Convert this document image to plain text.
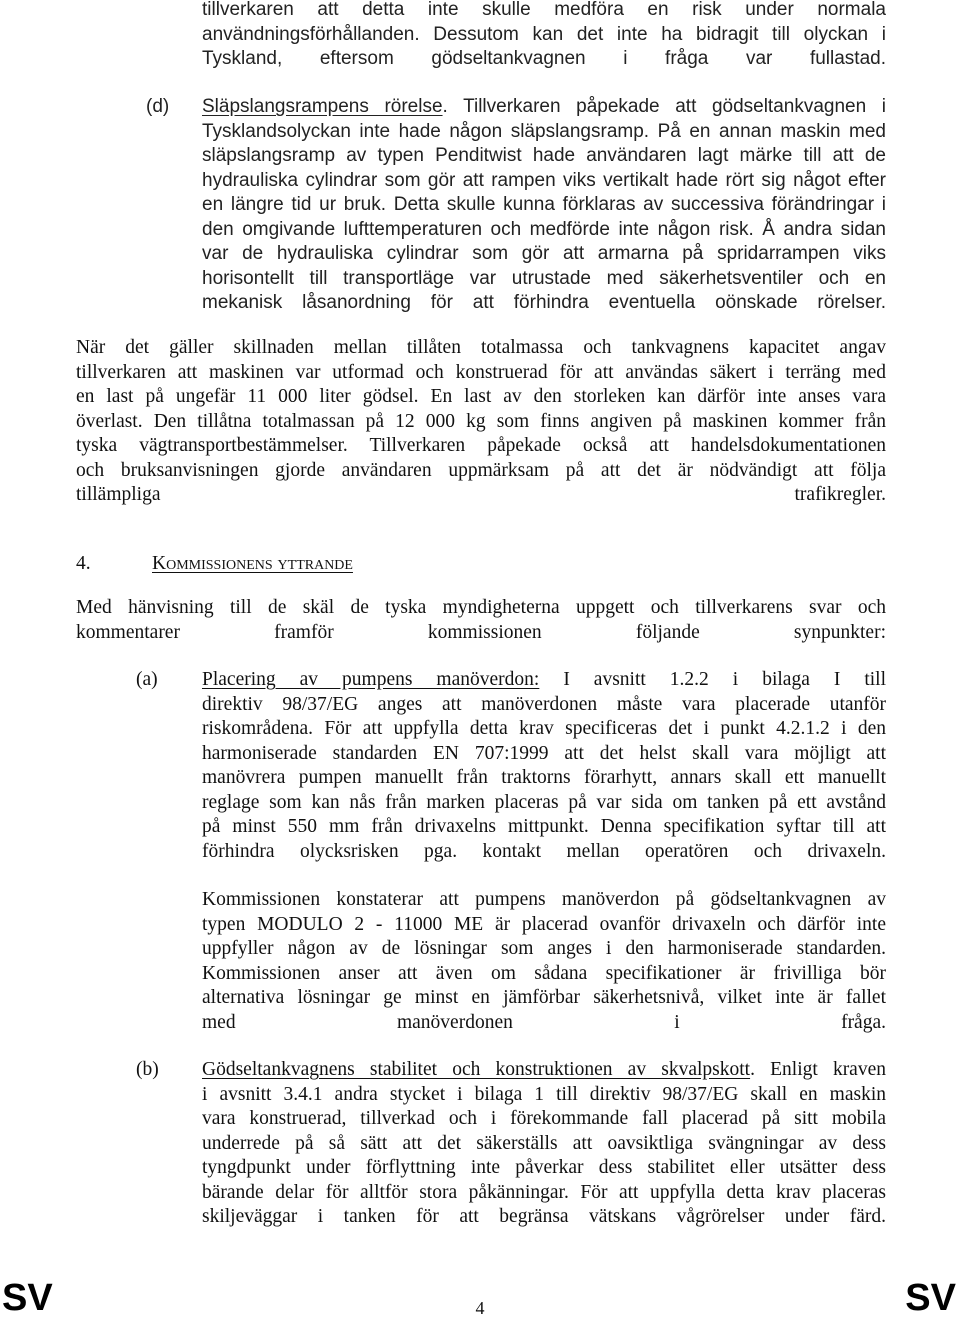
tillverkaren att detta inte skulle medföra en risk under normala
användningsförhållanden. Dessutom kan det inte ha bidragit till olyckan i
Tyskland, eftersom gödseltankvagnen i fråga var fullastad.
(d) Släpslangsrampens rörelse. Tillverkaren påpekade att gödseltankvagnen i
Tysklandsolyckan inte hade någon släpslangsramp. På en annan maskin med
släpslangsramp av typen Penditwist hade användaren lagt märke till att de
hydrauliska cylindrar som gör att rampen viks vertikalt hade rört sig något efter
en längre tid ur bruk. Detta skulle kunna förklaras av successiva förändringar i
den omgivande lufttemperaturen och medförde inte någon risk. Å andra sidan
var de hydrauliska cylindrar som gör att armarna på spridarrampen viks
horisontellt till transportläge var utrustade med säkerhetsventiler och en
mekanisk låsanordning för att förhindra eventuella oönskade rörelser.
När det gäller skillnaden mellan tillåten totalmassa och tankvagnens kapacitet angav
tillverkaren att maskinen var utformad och konstruerad för att användas säkert i terräng med
en last på ungefär 11 000 liter gödsel. En last av den storleken kan därför inte anses vara
överlast. Den tillåtna totalmassan på 12 000 kg som finns angiven på maskinen kommer från
tyska vägtransportbestämmelser. Tillverkaren påpekade också att handelsdokumentationen
och bruksanvisningen gjorde användaren uppmärksam på att det är nödvändigt att följa
tillämpliga trafikregler.
4.	Kommissionens yttrande
Med hänvisning till de skäl de tyska myndigheterna uppgett och tillverkarens svar och
kommentarer framför kommissionen följande synpunkter:
(a) Placering av pumpens manöverdon: I avsnitt 1.2.2 i bilaga I till
direktiv 98/37/EG anges att manöverdonen måste vara placerade utanför
riskområdena. För att uppfylla detta krav specificeras det i punkt 4.2.1.2 i den
harmoniserade standarden EN 707:1999 att det helst skall vara möjligt att
manövrera pumpen manuellt från traktorns förarhytt, annars skall ett manuellt
reglage som kan nås från marken placeras på var sida om tanken på ett avstånd
på minst 550 mm från drivaxelns mittpunkt. Denna specifikation syftar till att
förhindra olycksrisken pga. kontakt mellan operatören och drivaxeln.
Kommissionen konstaterar att pumpens manöverdon på gödseltankvagnen av
typen MODULO 2 - 11000 ME är placerad ovanför drivaxeln och därför inte
uppfyller någon av de lösningar som anges i den harmoniserade standarden.
Kommissionen anser att även om sådana specifikationer är frivilliga bör
alternativa lösningar ge minst en jämförbar säkerhetsnivå, vilket inte är fallet
med manöverdonen i fråga.
(b) Gödseltankvagnens stabilitet och konstruktionen av skvalpskott. Enligt kraven
i avsnitt 3.4.1 andra stycket i bilaga 1 till direktiv 98/37/EG skall en maskin
vara konstruerad, tillverkad och i förekommande fall placerad på sitt mobila
underrede på så sätt att det säkerställs att oavsiktliga svängningar av dess
tyngdpunkt under förflyttning inte påverkar dess stabilitet eller utsätter dess
bärande delar för alltför stora påkänningar. För att uppfylla detta krav placeras
skiljeväggar i tanken för att begränsa vätskans vågrörelser under färd.
SV	4	SV
